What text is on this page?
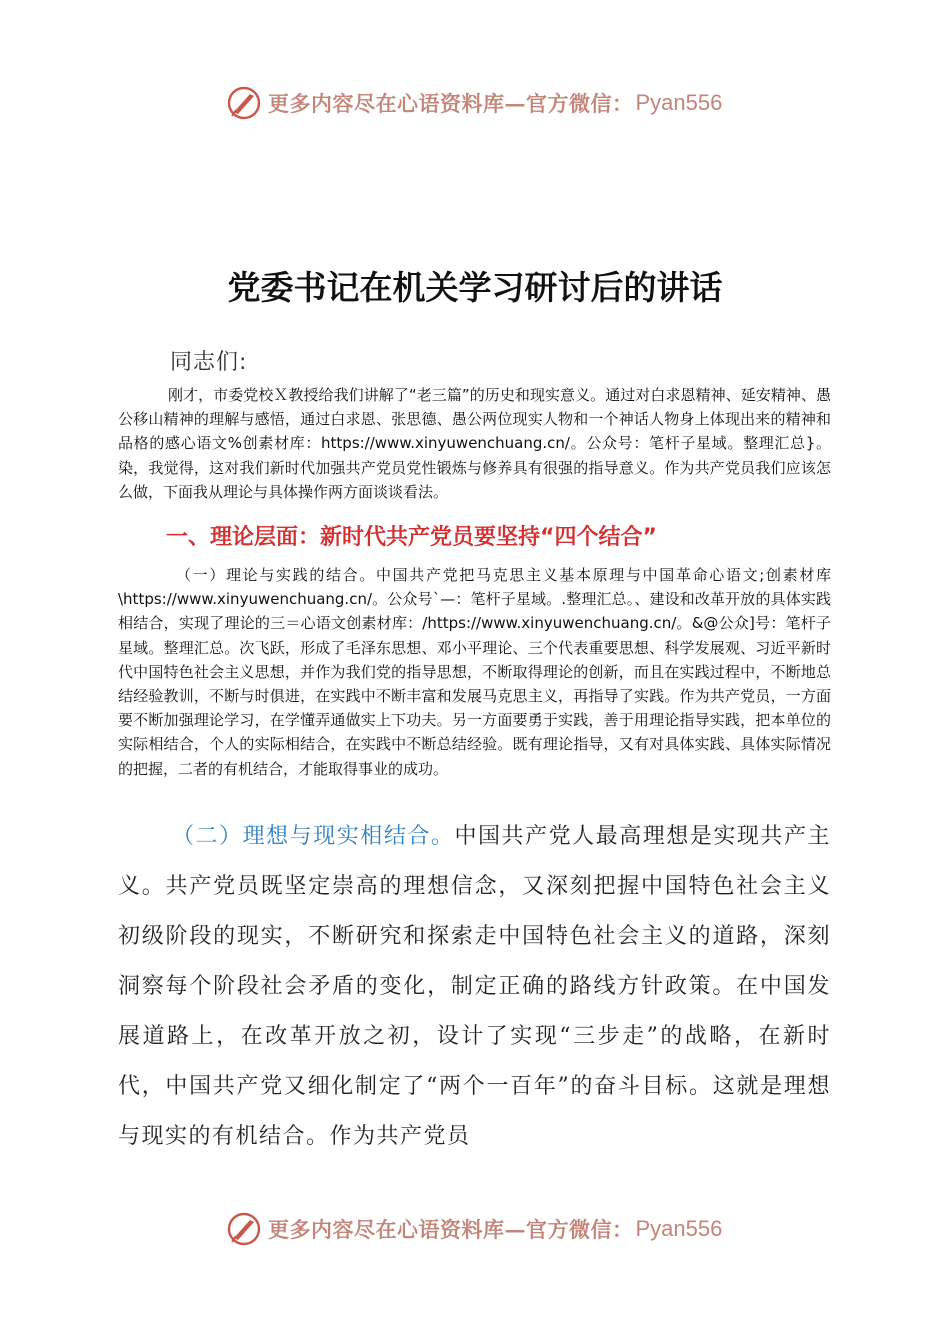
更多内容尽在心语资料库—官方微信： Pyan556
党委书记在机关学习研讨后的讲话

同志们:

刚才，市委党校Ｘ教授给我们讲解了“老三篇”的历史和现实意义。通过对白求恩精神、延安精神、愚公移山精神的理解与感悟，通过白求恩、张思德、愚公两位现实人物和一个神话人物身上体现出来的精神和品格的感心语文%创素材库：https://www.xinyuwenchuang.cn/。公众号：笔杆子星域。整理汇总}。染，我觉得，这对我们新时代加强共产党员党性锻炼与修养具有很强的指导意义。作为共产党员我们应该怎么做，下面我从理论与具体操作两方面谈谈看法。

一、理论层面：新时代共产党员要坚持“四个结合”

（一）理论与实践的结合。中国共产党把马克思主义基本原理与中国革命心语文;创素材库\https://www.xinyuwenchuang.cn/。公众号`—：笔杆子星域。.整理汇总。、建设和改革开放的具体实践相结合，实现了理论的三＝心语文创素材库：/https://www.xinyuwenchuang.cn/。&@公众]号：笔杆子星域。整理汇总。次飞跃，形成了毛泽东思想、邓小平理论、三个代表重要思想、科学发展观、习近平新时代中国特色社会主义思想，并作为我们党的指导思想，不断取得理论的创新，而且在实践过程中，不断地总结经验教训，不断与时俱进，在实践中不断丰富和发展马克思主义，再指导了实践。作为共产党员，一方面要不断加强理论学习，在学懂弄通做实上下功夫。另一方面要勇于实践，善于用理论指导实践，把本单位的实际相结合，个人的实际相结合，在实践中不断总结经验。既有理论指导，又有对具体实践、具体实际情况的把握，二者的有机结合，才能取得事业的成功。

（二）理想与现实相结合。中国共产党人最高理想是实现共产主义。共产党员既坚定崇高的理想信念，又深刻把握中国特色社会主义初级阶段的现实，不断研究和探索走中国特色社会主义的道路，深刻洞察每个阶段社会矛盾的变化，制定正确的路线方针政策。在中国发展道路上，在改革开放之初，设计了实现“三步走”的战略，在新时代，中国共产党又细化制定了“两个一百年”的奋斗目标。这就是理想与现实的有机结合。作为共产党员

更多内容尽在心语资料库—官方微信： Pyan556
